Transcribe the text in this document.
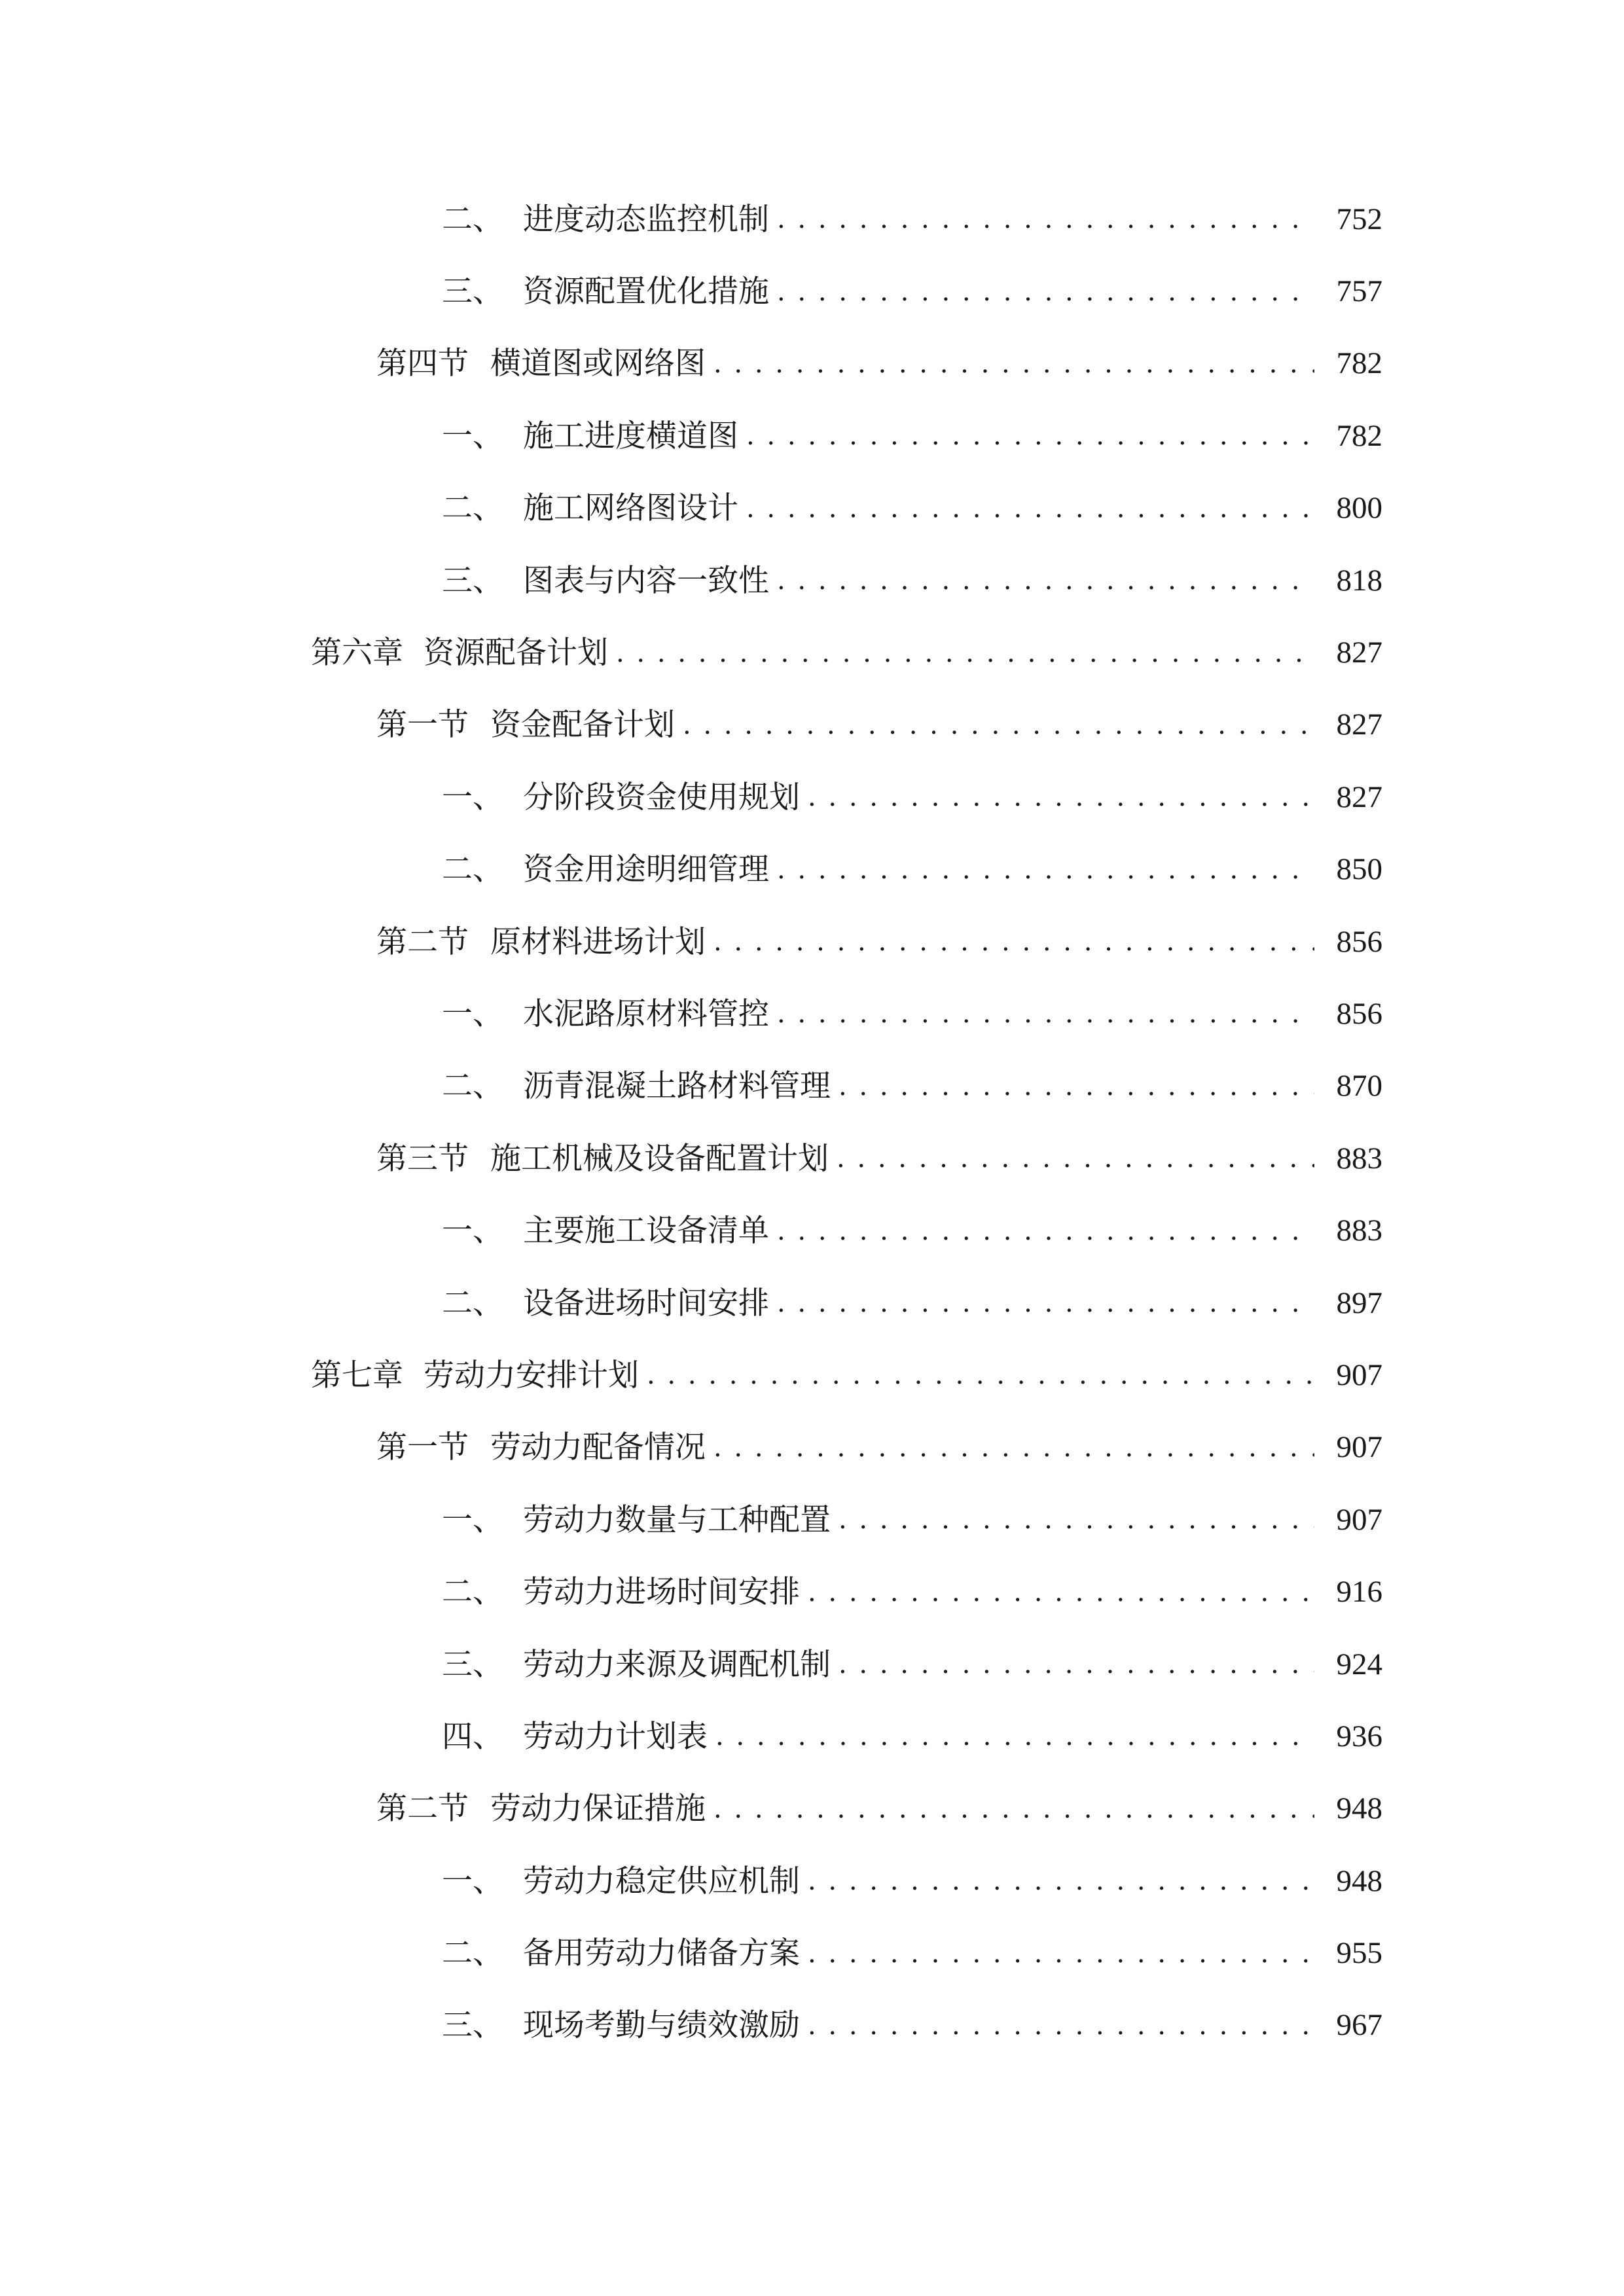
二、 进度动态监控机制 . . .	752
三、 资源配置优化措施 . . .	757
第四节 横道图或网络图 . . .	782
一、 施工进度横道图 . . .	782
二、 施工网络图设计 . . .	800
三、 图表与内容一致性 . . .	818
第六章 资源配备计划 . . .	827
第一节 资金配备计划 . . .	827
一、 分阶段资金使用规划 . . .	827
二、 资金用途明细管理 . . .	850
第二节 原材料进场计划 . . .	856
一、 水泥路原材料管控 . . .	856
二、 沥青混凝土路材料管理 . . .	870
第三节 施工机械及设备配置计划 . . .	883
一、 主要施工设备清单 . . .	883
二、 设备进场时间安排 . . .	897
第七章 劳动力安排计划 . . .	907
第一节 劳动力配备情况 . . .	907
一、 劳动力数量与工种配置 . . .	907
二、 劳动力进场时间安排 . . .	916
三、 劳动力来源及调配机制 . . .	924
四、 劳动力计划表 . . .	936
第二节 劳动力保证措施 . . .	948
一、 劳动力稳定供应机制 . . .	948
二、 备用劳动力储备方案 . . .	955
三、 现场考勤与绩效激励 . . .	967
